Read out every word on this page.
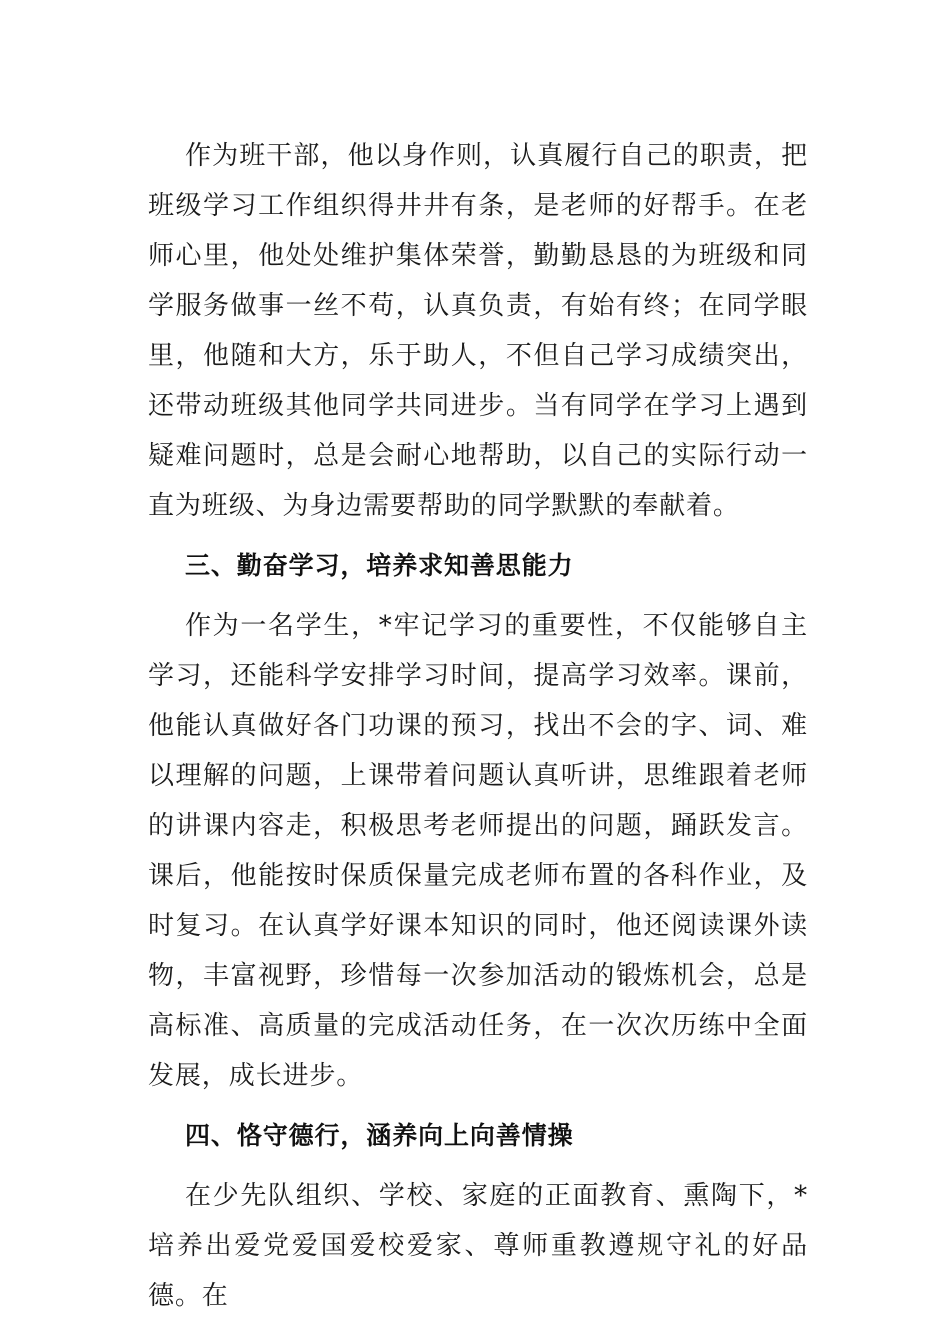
作为班干部，他以身作则，认真履行自己的职责，把班级学习工作组织得井井有条，是老师的好帮手。在老师心里，他处处维护集体荣誉，勤勤恳恳的为班级和同学服务做事一丝不苟，认真负责，有始有终；在同学眼里，他随和大方，乐于助人，不但自己学习成绩突出，还带动班级其他同学共同进步。当有同学在学习上遇到疑难问题时，总是会耐心地帮助，以自己的实际行动一直为班级、为身边需要帮助的同学默默的奉献着。

三、勤奋学习，培养求知善思能力

作为一名学生，*牢记学习的重要性，不仅能够自主学习，还能科学安排学习时间，提高学习效率。课前，他能认真做好各门功课的预习，找出不会的字、词、难以理解的问题，上课带着问题认真听讲，思维跟着老师的讲课内容走，积极思考老师提出的问题，踊跃发言。课后，他能按时保质保量完成老师布置的各科作业，及时复习。在认真学好课本知识的同时，他还阅读课外读物，丰富视野，珍惜每一次参加活动的锻炼机会，总是高标准、高质量的完成活动任务，在一次次历练中全面发展，成长进步。

四、恪守德行，涵养向上向善情操

在少先队组织、学校、家庭的正面教育、熏陶下，*培养出爱党爱国爱校爱家、尊师重教遵规守礼的好品德。在
